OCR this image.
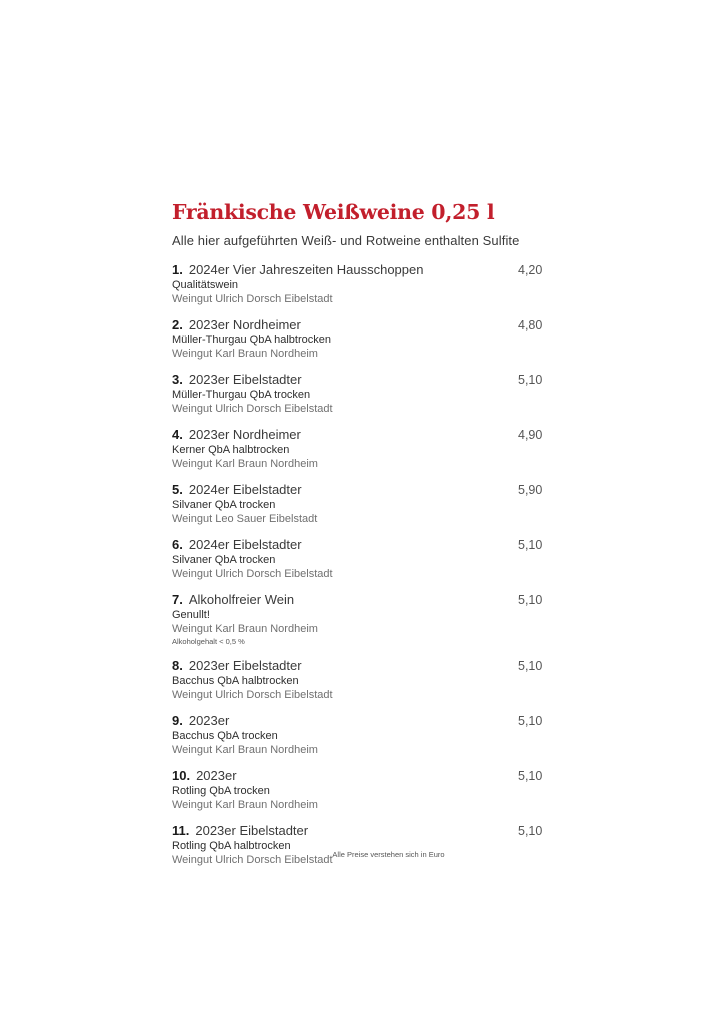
Fränkische Weißweine 0,25 l
Alle hier aufgeführten Weiß- und Rotweine enthalten Sulfite
1. 2024er Vier Jahreszeiten Hausschoppen	4,20
Qualitätswein
Weingut Ulrich Dorsch Eibelstadt
2. 2023er Nordheimer	4,80
Müller-Thurgau QbA halbtrocken
Weingut Karl Braun Nordheim
3. 2023er Eibelstadter	5,10
Müller-Thurgau QbA trocken
Weingut Ulrich Dorsch Eibelstadt
4. 2023er Nordheimer	4,90
Kerner QbA halbtrocken
Weingut Karl Braun Nordheim
5. 2024er Eibelstadter	5,90
Silvaner QbA trocken
Weingut Leo Sauer Eibelstadt
6. 2024er Eibelstadter	5,10
Silvaner QbA trocken
Weingut Ulrich Dorsch Eibelstadt
7. Alkoholfreier Wein	5,10
Genullt!
Weingut Karl Braun Nordheim
Alkoholgehalt < 0,5 %
8. 2023er Eibelstadter	5,10
Bacchus QbA halbtrocken
Weingut Ulrich Dorsch Eibelstadt
9. 2023er	5,10
Bacchus QbA trocken
Weingut Karl Braun Nordheim
10. 2023er	5,10
Rotling QbA trocken
Weingut Karl Braun Nordheim
11. 2023er Eibelstadter	5,10
Rotling QbA halbtrocken
Weingut Ulrich Dorsch Eibelstadt Alle Preise verstehen sich in Euro
